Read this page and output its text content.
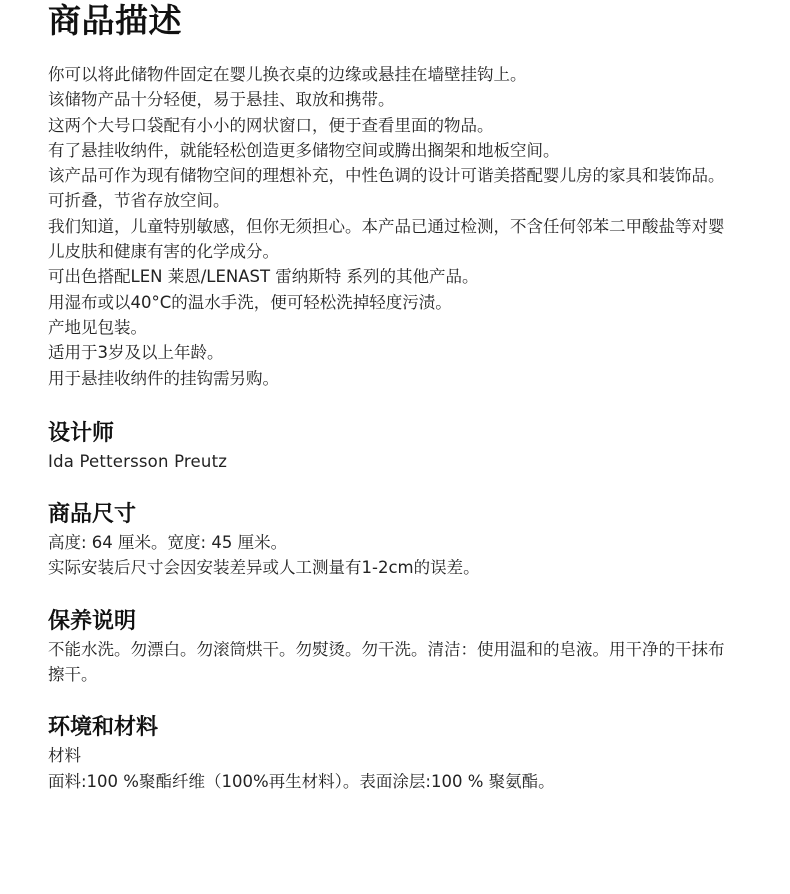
商品描述
你可以将此储物件固定在婴儿换衣桌的边缘或悬挂在墙壁挂钩上。
该储物产品十分轻便，易于悬挂、取放和携带。
这两个大号口袋配有小小的网状窗口，便于查看里面的物品。
有了悬挂收纳件，就能轻松创造更多储物空间或腾出搁架和地板空间。
该产品可作为现有储物空间的理想补充，中性色调的设计可谐美搭配婴儿房的家具和装饰品。
可折叠，节省存放空间。
我们知道，儿童特别敏感，但你无须担心。本产品已通过检测，不含任何邻苯二甲酸盐等对婴儿皮肤和健康有害的化学成分。
可出色搭配LEN 莱恩/LENAST 雷纳斯特 系列的其他产品。
用湿布或以40°C的温水手洗，便可轻松洗掉轻度污渍。
产地见包装。
适用于3岁及以上年龄。
用于悬挂收纳件的挂钩需另购。
设计师

Ida Pettersson Preutz

商品尺寸

高度: 64 厘米。宽度: 45 厘米。

实际安装后尺寸会因安装差异或人工测量有1-2cm的误差。

保养说明

不能水洗。勿漂白。勿滚筒烘干。勿熨烫。勿干洗。清洁：使用温和的皂液。用干净的干抹布擦干。

环境和材料

材料

面料:100 %聚酯纤维（100%再生材料）。表面涂层:100 % 聚氨酯。
